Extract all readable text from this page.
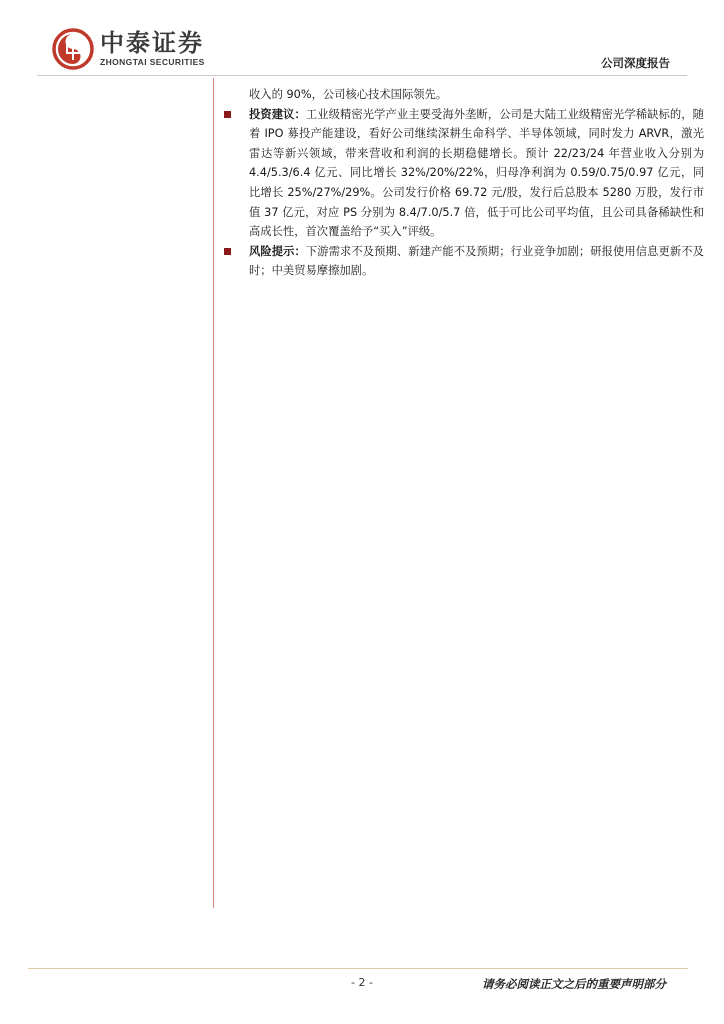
中泰证券
ZHONGTAI SECURITIES	公司深度报告
收入的 90%，公司核心技术国际领先。
投资建议：工业级精密光学产业主要受海外垄断，公司是大陆工业级精密光学稀缺标的，随着 IPO 募投产能建设，看好公司继续深耕生命科学、半导体领域，同时发力 ARVR，激光雷达等新兴领域，带来营收和利润的长期稳健增长。预计 22/23/24 年营业收入分别为 4.4/5.3/6.4 亿元、同比增长 32%/20%/22%，归母净利润为 0.59/0.75/0.97 亿元，同比增长 25%/27%/29%。公司发行价格 69.72 元/股，发行后总股本 5280 万股，发行市值 37 亿元，对应 PS 分别为 8.4/7.0/5.7 倍，低于可比公司平均值，且公司具备稀缺性和高成长性，首次覆盖给予“买入”评级。
风险提示：下游需求不及预期、新建产能不及预期；行业竞争加剧；研报使用信息更新不及时；中美贸易摩擦加剧。
- 2 -	请务必阅读正文之后的重要声明部分
